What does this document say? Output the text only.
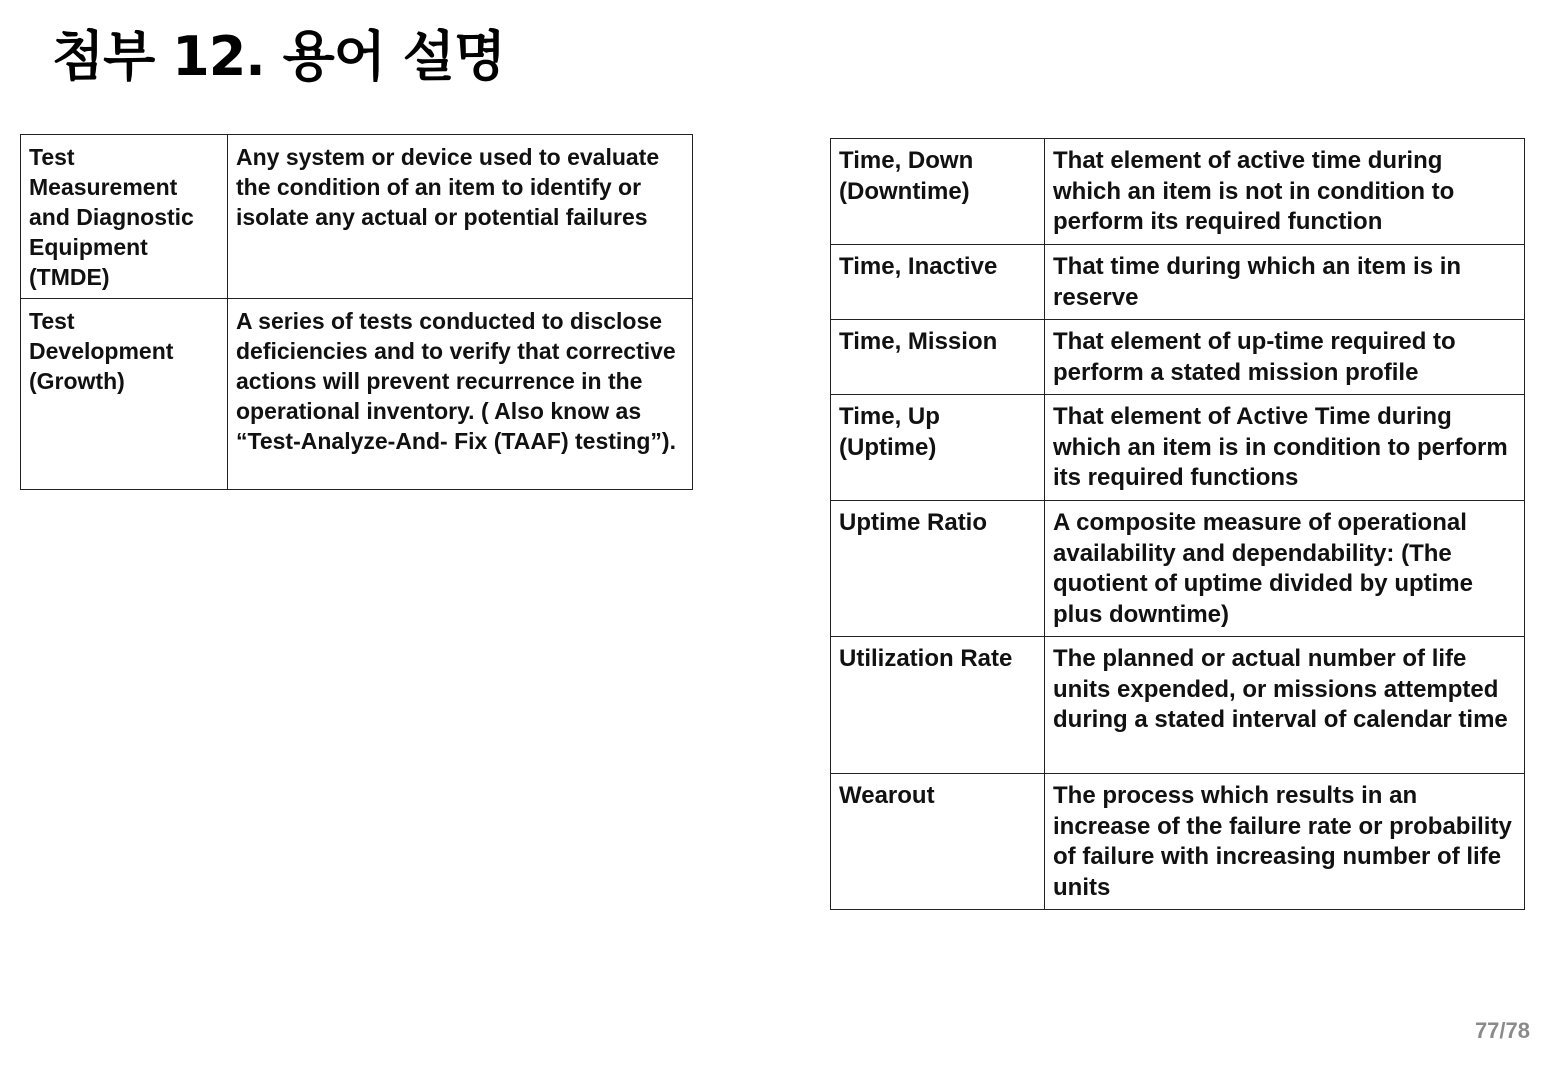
첨부 12. 용어 설명
Test Measurement and Diagnostic Equipment (TMDE)	Any system or device used to evaluate the condition of an item to identify or isolate any actual or potential failures
Test Development (Growth)	A series of tests conducted to disclose deficiencies and to verify that corrective actions will prevent recurrence in the operational inventory. ( Also know as “Test-Analyze-And- Fix (TAAF) testing”).
Time, Down (Downtime)	That element of active time during which an item is not in condition to perform its required function
Time, Inactive	That time during which an item is in reserve
Time, Mission	That element of up-time required to perform a stated mission profile
Time, Up (Uptime)	That element of Active Time during which an item is in condition to perform its required functions
Uptime Ratio	A composite measure of operational availability and dependability: (The quotient of uptime divided by uptime plus downtime)
Utilization Rate	The planned or actual number of life units expended, or missions attempted during a stated interval of calendar time
Wearout	The process which results in an increase of the failure rate or probability of failure with increasing number of life units
77/78
